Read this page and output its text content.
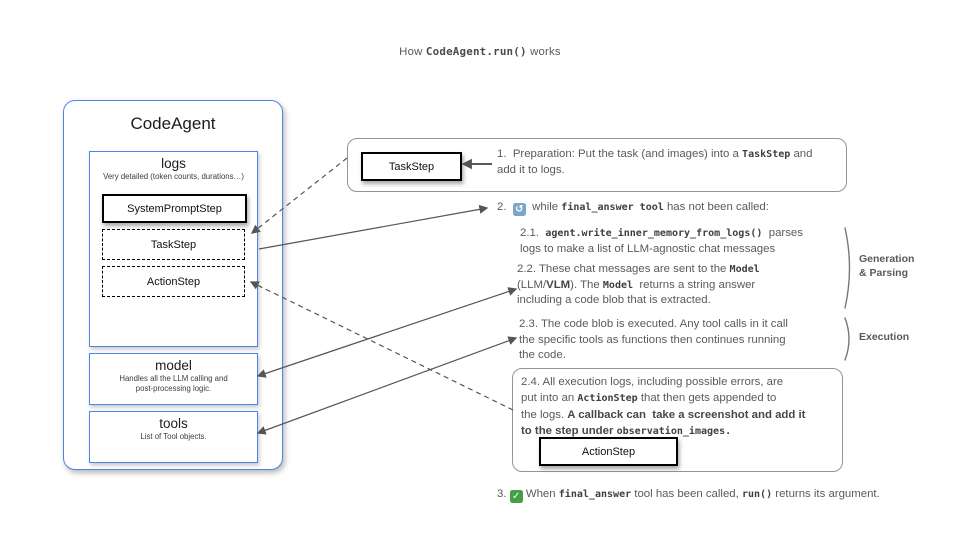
How CodeAgent.run() works
CodeAgent
logs
Very detailed (token counts, durations…)
SystemPromptStep
TaskStep
ActionStep
model
Handles all the LLM calling and
post-processing logic.
tools
List of Tool objects.
TaskStep
1.  Preparation: Put the task (and images) into a TaskStep and
add it to logs.
2.  ↺  while final_answer tool has not been called:
2.1.  agent.write_inner_memory_from_logs()  parses
logs to make a list of LLM-agnostic chat messages
2.2. These chat messages are sent to the Model
(LLM/VLM). The Model  returns a string answer
including a code blob that is extracted.
Generation
& Parsing
2.3. The code blob is executed. Any tool calls in it call
the specific tools as functions then continues running
the code.
Execution
ActionStep
2.4. All execution logs, including possible errors, are
put into an ActionStep that then gets appended to
the logs. A callback can  take a screenshot and add it
to the step under observation_images.
3. ✓ When final_answer tool has been called, run() returns its argument.
